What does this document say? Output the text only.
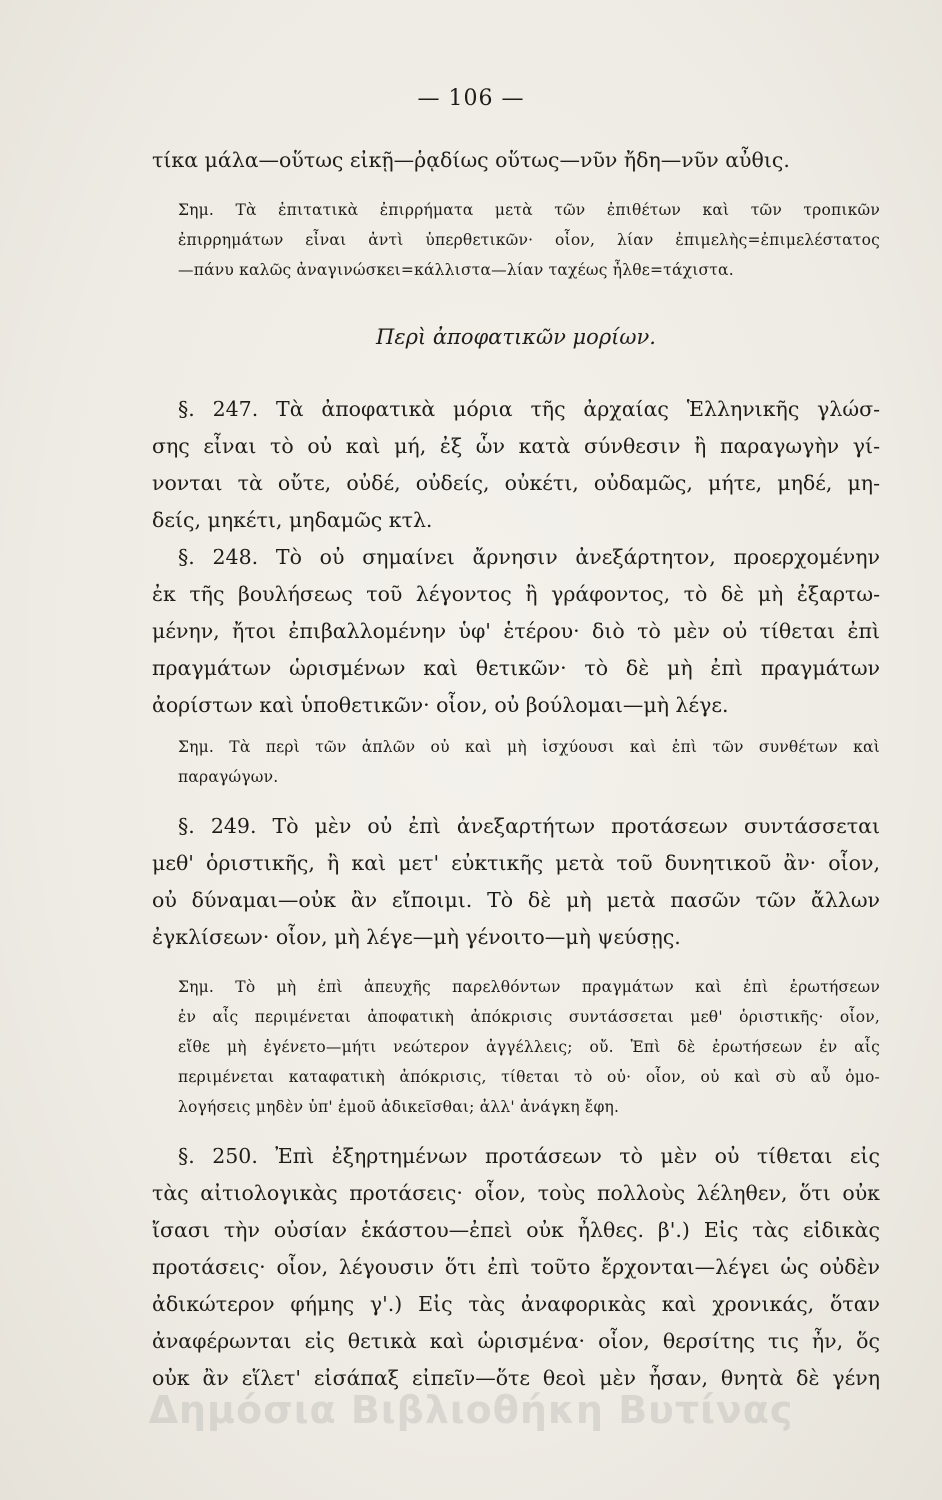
— 106 —
τίκα μάλα—οὕτως εἰκῇ—ῥᾳδίως οὕτως—νῦν ἤδη—νῦν αὖθις.
Σημ. Τὰ ἐπιτατικὰ ἐπιρρήματα μετὰ τῶν ἐπιθέτων καὶ τῶν τροπικῶν
ἐπιρρημάτων εἶναι ἀντὶ ὑπερθετικῶν· οἷον, λίαν ἐπιμελὴς=ἐπιμελέστατος
—πάνυ καλῶς ἀναγινώσκει=κάλλιστα—λίαν ταχέως ἦλθε=τάχιστα.
Περὶ ἀποφατικῶν μορίων.
§. 247. Τὰ ἀποφατικὰ μόρια τῆς ἀρχαίας Ἑλληνικῆς γλώσ-
σης εἶναι τὸ οὐ καὶ μή, ἐξ ὧν κατὰ σύνθεσιν ἢ παραγωγὴν γί-
νονται τὰ οὔτε, οὐδέ, οὐδείς, οὐκέτι, οὐδαμῶς, μήτε, μηδέ, μη-
δείς, μηκέτι, μηδαμῶς κτλ.
§. 248. Τὸ οὐ σημαίνει ἄρνησιν ἀνεξάρτητον, προερχομένην
ἐκ τῆς βουλήσεως τοῦ λέγοντος ἢ γράφοντος, τὸ δὲ μὴ ἐξαρτω-
μένην, ἤτοι ἐπιβαλλομένην ὑφ' ἑτέρου· διὸ τὸ μὲν οὐ τίθεται ἐπὶ
πραγμάτων ὡρισμένων καὶ θετικῶν· τὸ δὲ μὴ ἐπὶ πραγμάτων
ἀορίστων καὶ ὑποθετικῶν· οἷον, οὐ βούλομαι—μὴ λέγε.
Σημ. Τὰ περὶ τῶν ἁπλῶν οὐ καὶ μὴ ἰσχύουσι καὶ ἐπὶ τῶν συνθέτων καὶ
παραγώγων.
§. 249. Τὸ μὲν οὐ ἐπὶ ἀνεξαρτήτων προτάσεων συντάσσεται
μεθ' ὁριστικῆς, ἢ καὶ μετ' εὐκτικῆς μετὰ τοῦ δυνητικοῦ ἂν· οἷον,
οὐ δύναμαι—οὐκ ἂν εἴποιμι. Τὸ δὲ μὴ μετὰ πασῶν τῶν ἄλλων
ἐγκλίσεων· οἷον, μὴ λέγε—μὴ γένοιτο—μὴ ψεύσῃς.
Σημ. Τὸ μὴ ἐπὶ ἀπευχῆς παρελθόντων πραγμάτων καὶ ἐπὶ ἐρωτήσεων
ἐν αἷς περιμένεται ἀποφατικὴ ἀπόκρισις συντάσσεται μεθ' ὁριστικῆς· οἷον,
εἴθε μὴ ἐγένετο—μήτι νεώτερον ἀγγέλλεις; οὔ. Ἐπὶ δὲ ἐρωτήσεων ἐν αἷς
περιμένεται καταφατικὴ ἀπόκρισις, τίθεται τὸ οὐ· οἷον, οὐ καὶ σὺ αὖ ὁμο-
λογήσεις μηδὲν ὑπ' ἐμοῦ ἀδικεῖσθαι; ἀλλ' ἀνάγκη ἔφη.
§. 250. Ἐπὶ ἐξηρτημένων προτάσεων τὸ μὲν οὐ τίθεται εἰς
τὰς αἰτιολογικὰς προτάσεις· οἷον, τοὺς πολλοὺς λέληθεν, ὅτι οὐκ
ἴσασι τὴν οὐσίαν ἑκάστου—ἐπεὶ οὐκ ἦλθες. β'.) Εἰς τὰς εἰδικὰς
προτάσεις· οἷον, λέγουσιν ὅτι ἐπὶ τοῦτο ἔρχονται—λέγει ὡς οὐδὲν
ἀδικώτερον φήμης γ'.) Εἰς τὰς ἀναφορικὰς καὶ χρονικάς, ὅταν
ἀναφέρωνται εἰς θετικὰ καὶ ὡρισμένα· οἷον, θερσίτης τις ἦν, ὅς
οὐκ ἂν εἵλετ' εἰσάπαξ εἰπεῖν—ὅτε θεοὶ μὲν ἦσαν, θνητὰ δὲ γένη
Δημόσια Βιβλιοθήκη Βυτίνας
